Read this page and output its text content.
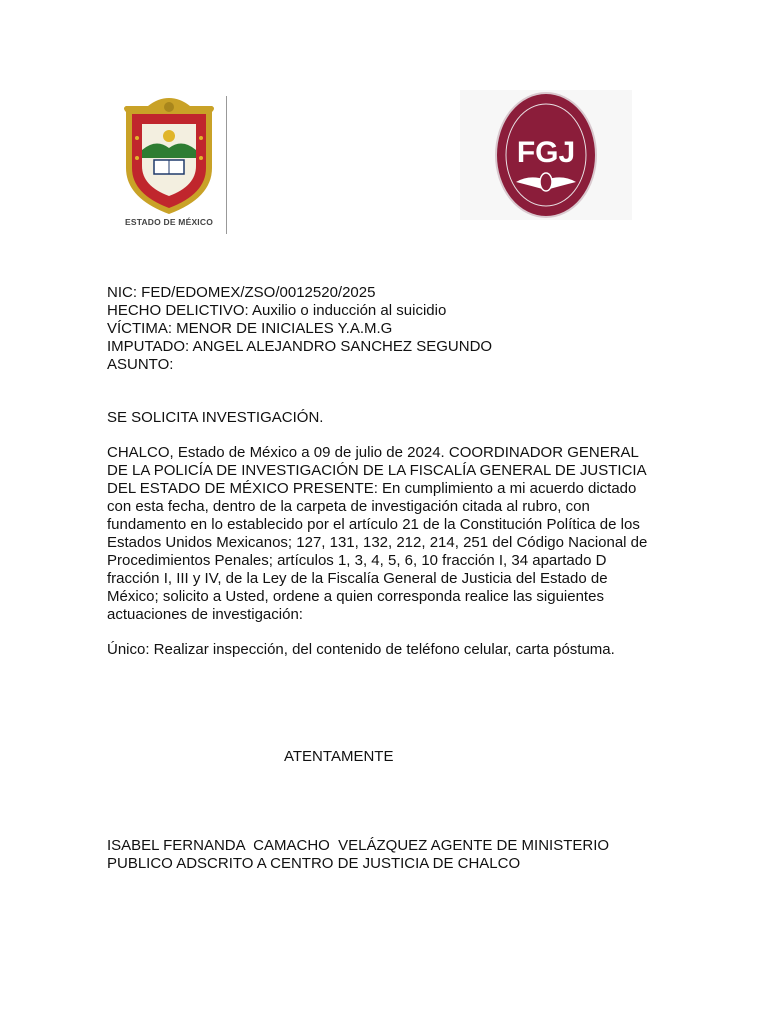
ESTADO DE MÉXICO
FGJ
NIC: FED/EDOMEX/ZSO/0012520/2025
HECHO DELICTIVO: Auxilio o inducción al suicidio
VÍCTIMA: MENOR DE INICIALES Y.A.M.G
IMPUTADO: ANGEL ALEJANDRO SANCHEZ SEGUNDO
ASUNTO:
SE SOLICITA INVESTIGACIÓN.

CHALCO, Estado de México a 09 de julio de 2024. COORDINADOR GENERAL

DE LA POLICÍA DE INVESTIGACIÓN DE LA FISCALÍA GENERAL DE JUSTICIA

DEL ESTADO DE MÉXICO PRESENTE: En cumplimiento a mi acuerdo dictado

con esta fecha, dentro de la carpeta de investigación citada al rubro, con

fundamento en lo establecido por el artículo 21 de la Constitución Política de los

Estados Unidos Mexicanos; 127, 131, 132, 212, 214, 251 del Código Nacional de

Procedimientos Penales; artículos 1, 3, 4, 5, 6, 10 fracción I, 34 apartado D

fracción I, III y IV, de la Ley de la Fiscalía General de Justicia del Estado de

México; solicito a Usted, ordene a quien corresponda realice las siguientes

actuaciones de investigación:

Único: Realizar inspección, del contenido de teléfono celular, carta póstuma.
ATENTAMENTE
ISABEL FERNANDA  CAMACHO  VELÁZQUEZ AGENTE DE MINISTERIO
PUBLICO ADSCRITO A CENTRO DE JUSTICIA DE CHALCO
